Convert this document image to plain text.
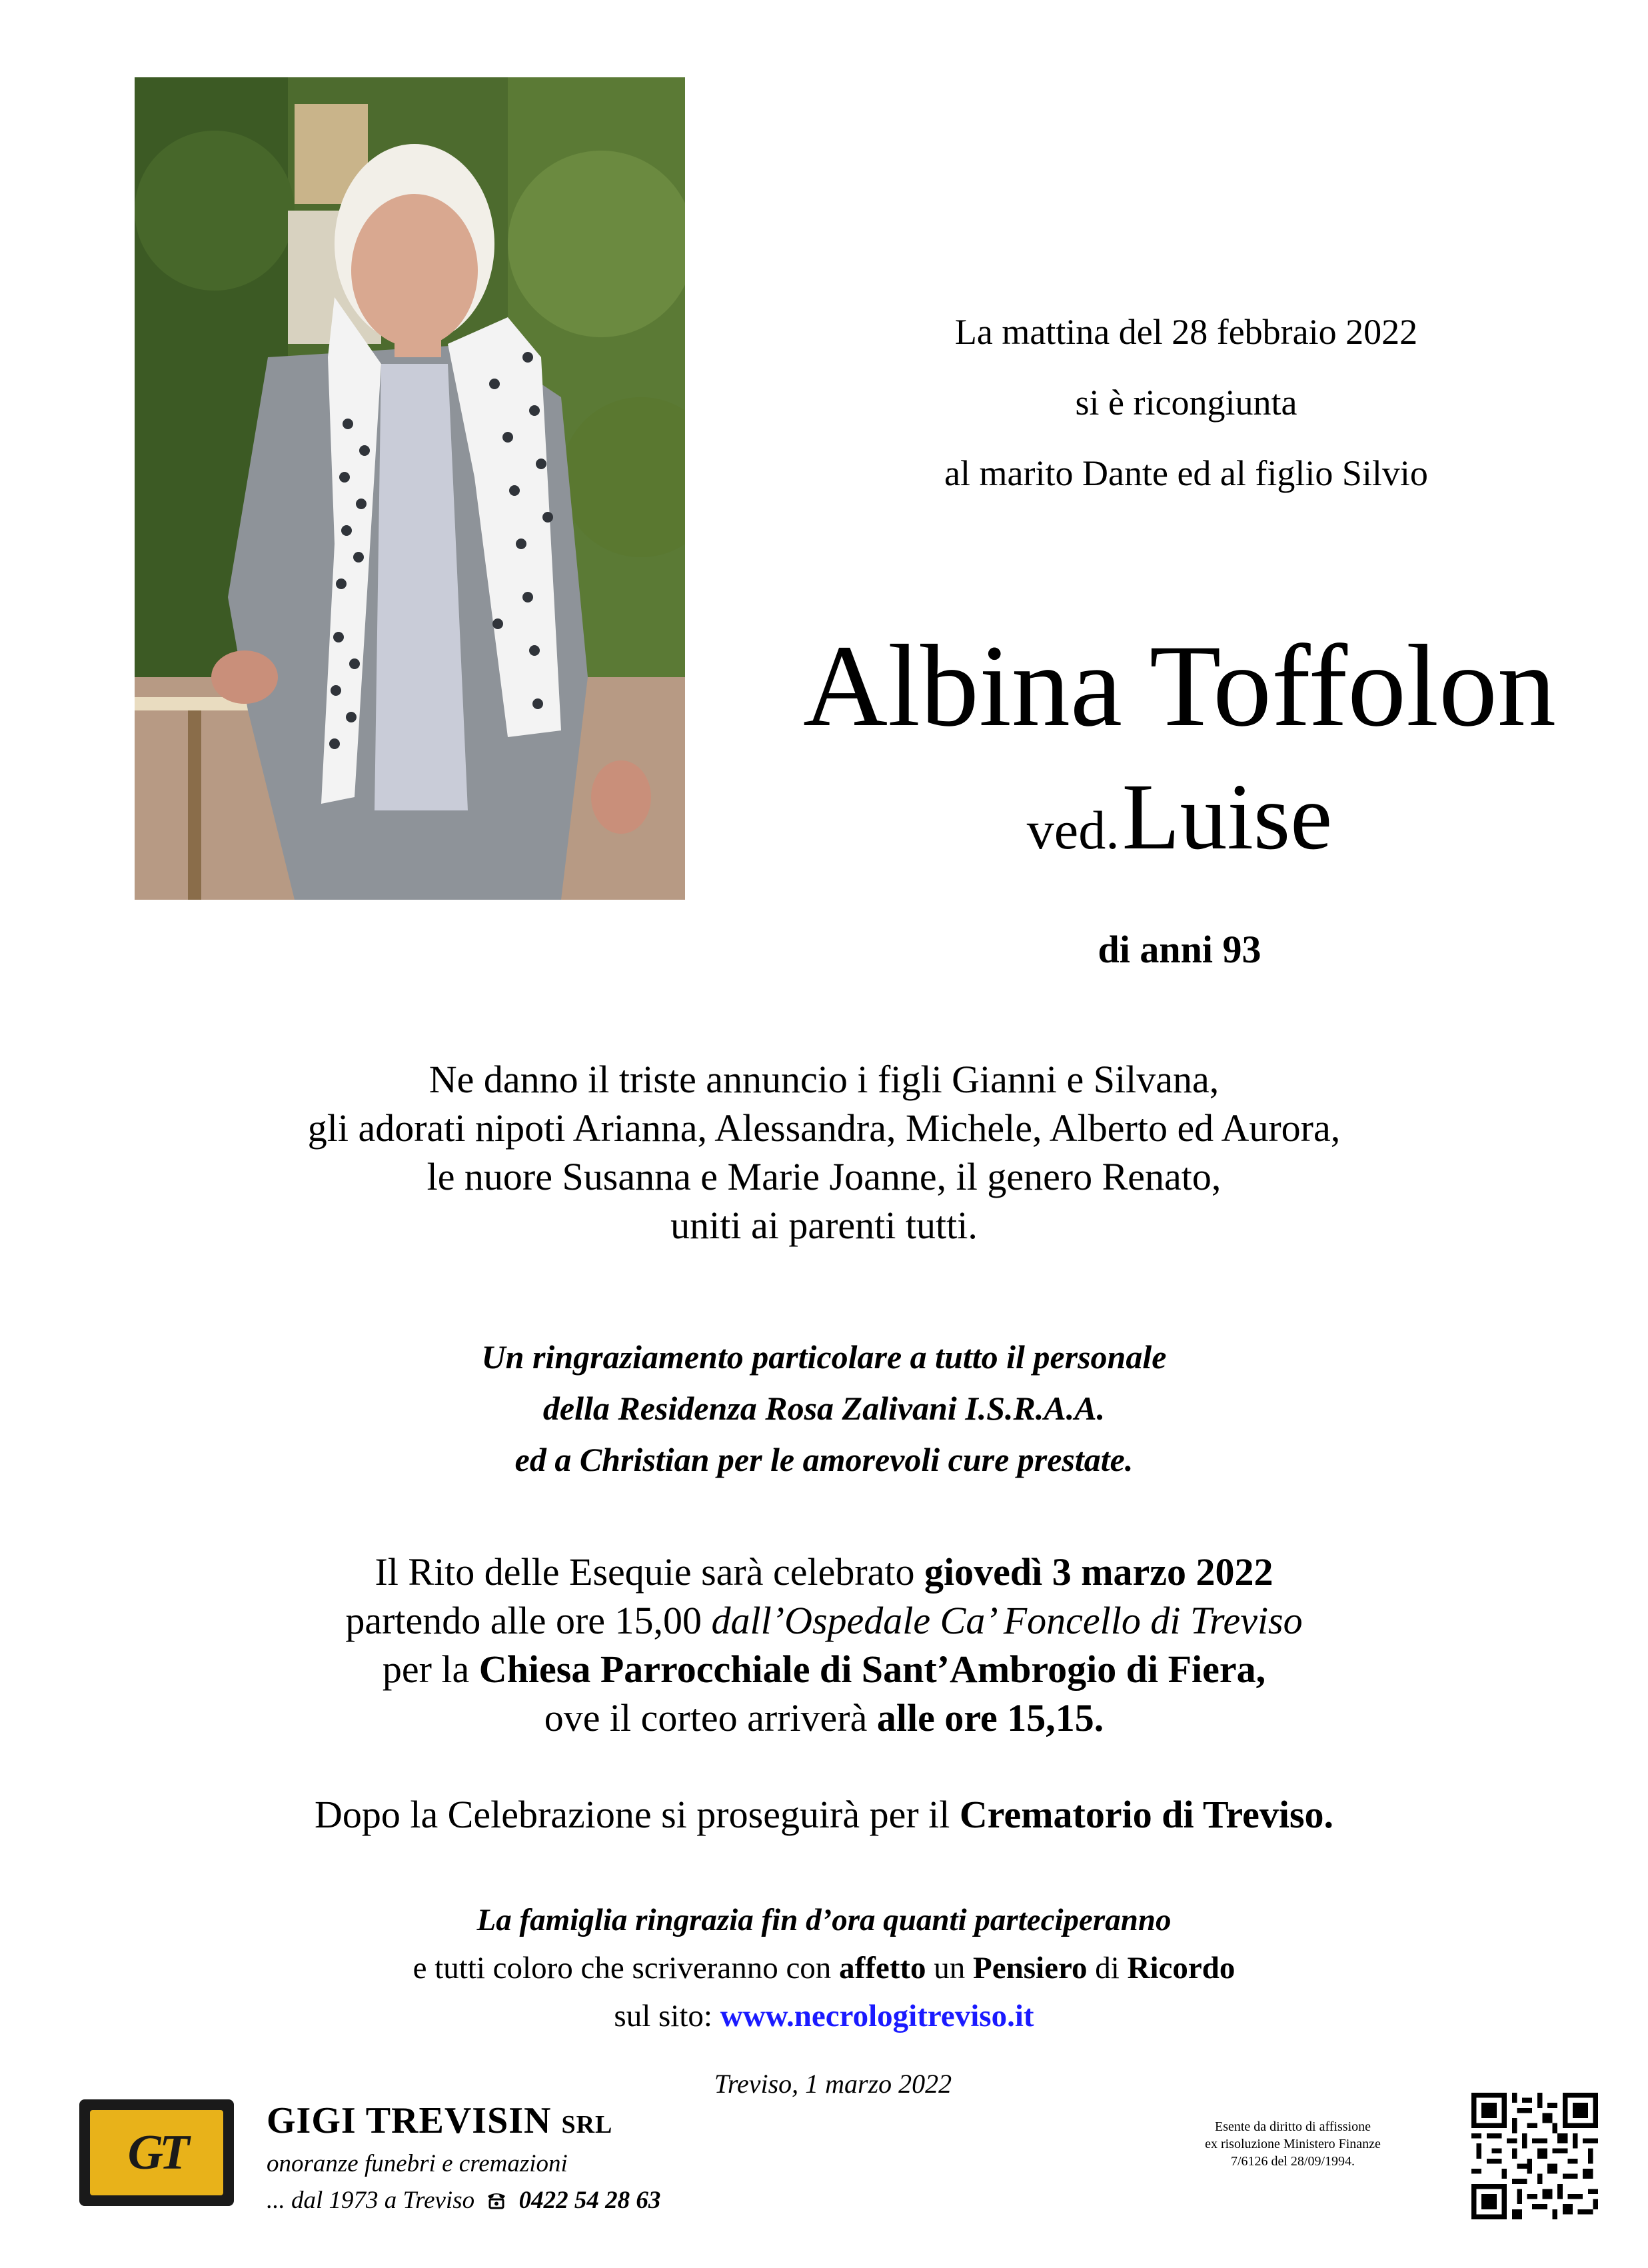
La mattina del 28 febbraio 2022
si è ricongiunta
al marito Dante ed al figlio Silvio
Albina Toffolon
ved. Luise
di anni 93
Ne danno il triste annuncio i figli Gianni e Silvana,
gli adorati nipoti Arianna, Alessandra, Michele, Alberto ed Aurora,
le nuore Susanna e Marie Joanne, il genero Renato,
uniti ai parenti tutti.
Un ringraziamento particolare a tutto il personale
della Residenza Rosa Zalivani I.S.R.A.A.
ed a Christian per le amorevoli cure prestate.
Il Rito delle Esequie sarà celebrato giovedì 3 marzo 2022
partendo alle ore 15,00 dall’Ospedale Ca’ Foncello di Treviso
per la Chiesa Parrocchiale di Sant’Ambrogio di Fiera,
ove il corteo arriverà alle ore 15,15.
Dopo la Celebrazione si proseguirà per il Crematorio di Treviso.
La famiglia ringrazia fin d’ora quanti parteciperanno
e tutti coloro che scriveranno con affetto un Pensiero di Ricordo
sul sito: www.necrologitreviso.it
Treviso, 1 marzo 2022
GT
GIGI TREVISIN SRL
onoranze funebri e cremazioni
... dal 1973 a Treviso 0422 54 28 63
Esente da diritto di affissione
ex risoluzione Ministero Finanze
7/6126 del 28/09/1994.
